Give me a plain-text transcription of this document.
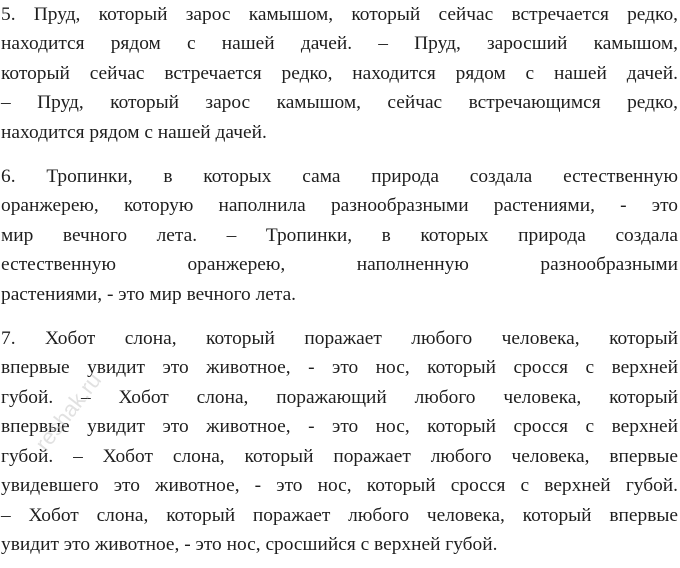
5. Пруд, который зарос камышом, который сейчас встречается редко,
находится рядом с нашей дачей. – Пруд, заросший камышом,
который сейчас встречается редко, находится рядом с нашей дачей.
– Пруд, который зарос камышом, сейчас встречающимся редко,
находится рядом с нашей дачей.

6. Тропинки, в которых сама природа создала естественную
оранжерею, которую наполнила разнообразными растениями, - это
мир вечного лета. – Тропинки, в которых природа создала
естественную оранжерею, наполненную разнообразными
растениями, - это мир вечного лета.

7. Хобот слона, который поражает любого человека, который
впервые увидит это животное, - это нос, который сросся с верхней
губой. – Хобот слона, поражающий любого человека, который
впервые увидит это животное, - это нос, который сросся с верхней
губой. – Хобот слона, который поражает любого человека, впервые
увидевшего это животное, - это нос, который сросся с верхней губой.
– Хобот слона, который поражает любого человека, который впервые
увидит это животное, - это нос, сросшийся с верхней губой.

reshak.ru
